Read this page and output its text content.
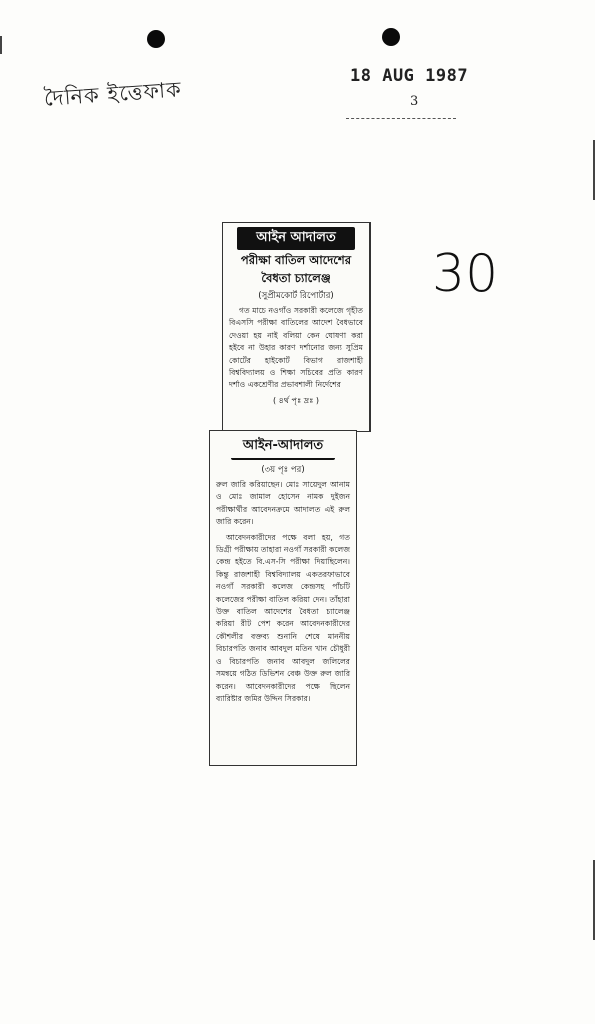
দৈনিক ইত্তেফাক
18 AUG 1987
3
30
আইন আদালত
পরীক্ষা বাতিল আদেশের
বৈধতা চ্যালেঞ্জ
(সুপ্রীমকোর্ট রিপোর্টার)

গত মাচে নওগাঁও সরকারী কলেজে গৃহীত বিএসসি পরীক্ষা বাতিলের আদেশ বৈধভাবে দেওয়া হয় নাই বলিয়া কেন ঘোষণা করা হইবে না উহার কারণ দর্শানোর জন্য সুপ্রিম কোর্টের হাইকোর্ট বিভাগ রাজশাহী বিশ্ববিদ্যালয় ও শিক্ষা সচিবের প্রতি কারণ দর্শাও একশ্রেণীর প্রভাবশালী নির্দেশের

( ৪র্থ পৃঃ দ্রঃ )
আইন-আদালত
(৩য় পৃঃ পর)

রুল জারি করিয়াছেন। মোঃ সায়েদুল আনাম ও মোঃ জামাল হোসেন নামক দুইজন পরীক্ষার্থীর আবেদনক্রমে আদালত এই রুল জারি করেন।

আবেদনকারীদের পক্ষে বলা হয়, গত ডিগ্রী পরীক্ষায় তাহারা নওগাঁ সরকারী কলেজ কেন্দ্র হইতে বি.এস-সি পরীক্ষা দিয়াছিলেন। কিন্তু রাজশাহী বিশ্ববিদ্যালয় একতরফাভাবে নওগাঁ সরকারী কলেজ কেন্দ্রসহ পাঁচটি কলেজের পরীক্ষা বাতিল করিয়া দেন। তাঁহারা উক্ত বাতিল আদেশের বৈধতা চ্যালেঞ্জ করিয়া রীট পেশ করেন আবেদনকারীদের কৌশলীর বক্তব্য শুনানি শেষে মাননীয় বিচারপতি জনাব আবদুল মতিন খান চৌধুরী ও বিচারপতি জনাব আবদুল জলিলের সমন্বয়ে গঠিত ডিভিশন বেঞ্চ উক্ত রুল জারি করেন। আবেদনকারীদের পক্ষে ছিলেন ব্যারিষ্টার জমির উদ্দিন সিরকার।
